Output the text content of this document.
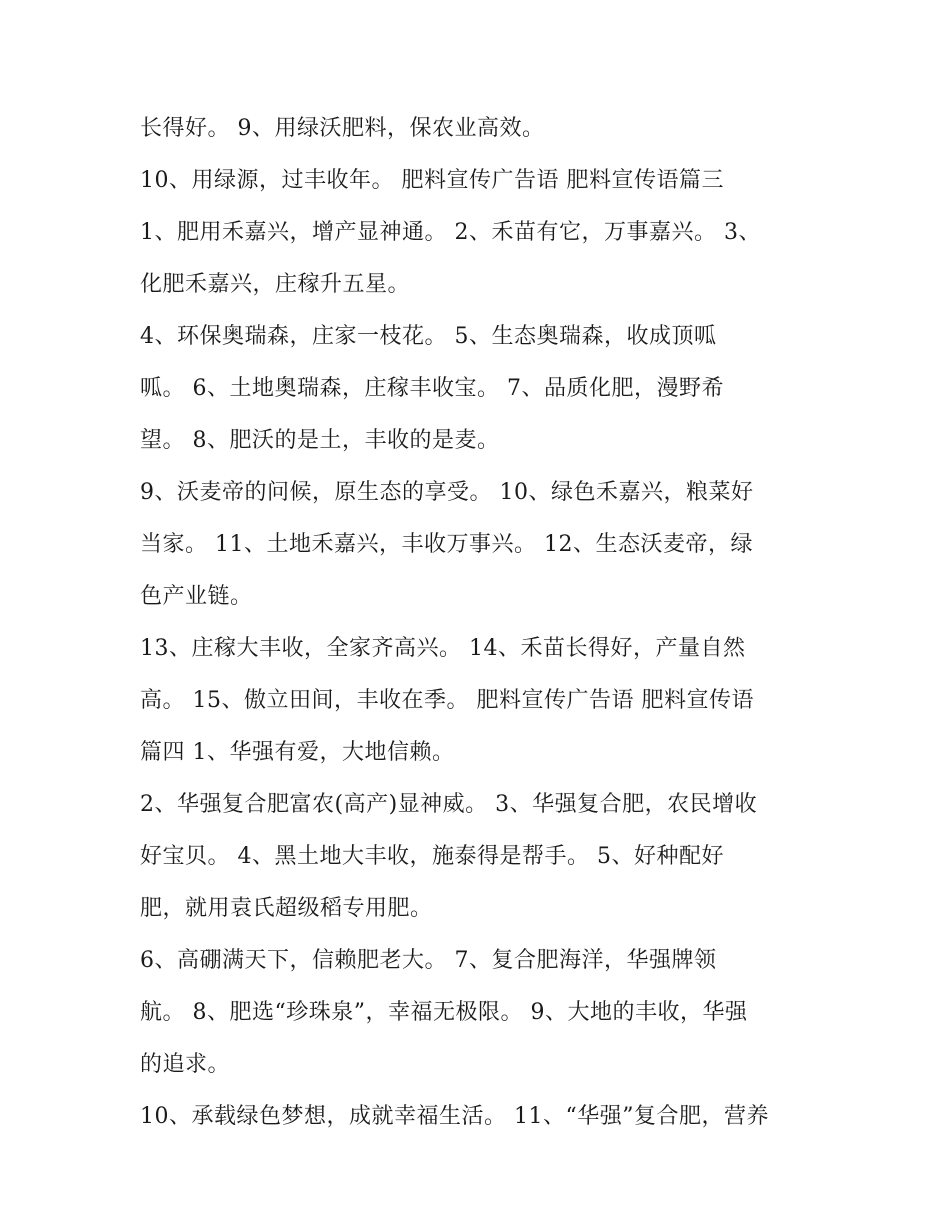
长得好。 9、用绿沃肥料，保农业高效。
10、用绿源，过丰收年。 肥料宣传广告语 肥料宣传语篇三
1、肥用禾嘉兴，增产显神通。 2、禾苗有它，万事嘉兴。 3、
化肥禾嘉兴，庄稼升五星。
4、环保奥瑞森，庄家一枝花。 5、生态奥瑞森，收成顶呱
呱。 6、土地奥瑞森，庄稼丰收宝。 7、品质化肥，漫野希
望。 8、肥沃的是土，丰收的是麦。
9、沃麦帝的问候，原生态的享受。 10、绿色禾嘉兴，粮菜好
当家。 11、土地禾嘉兴，丰收万事兴。 12、生态沃麦帝，绿
色产业链。
13、庄稼大丰收，全家齐高兴。 14、禾苗长得好，产量自然
高。 15、傲立田间，丰收在季。 肥料宣传广告语 肥料宣传语
篇四 1、华强有爱，大地信赖。
2、华强复合肥富农(高产)显神威。 3、华强复合肥，农民增收
好宝贝。 4、黑土地大丰收，施泰得是帮手。 5、好种配好
肥，就用袁氏超级稻专用肥。
6、高硼满天下，信赖肥老大。 7、复合肥海洋，华强牌领
航。 8、肥选“珍珠泉”，幸福无极限。 9、大地的丰收，华强
的追求。
10、承载绿色梦想，成就幸福生活。 11、“华强”复合肥，营养
